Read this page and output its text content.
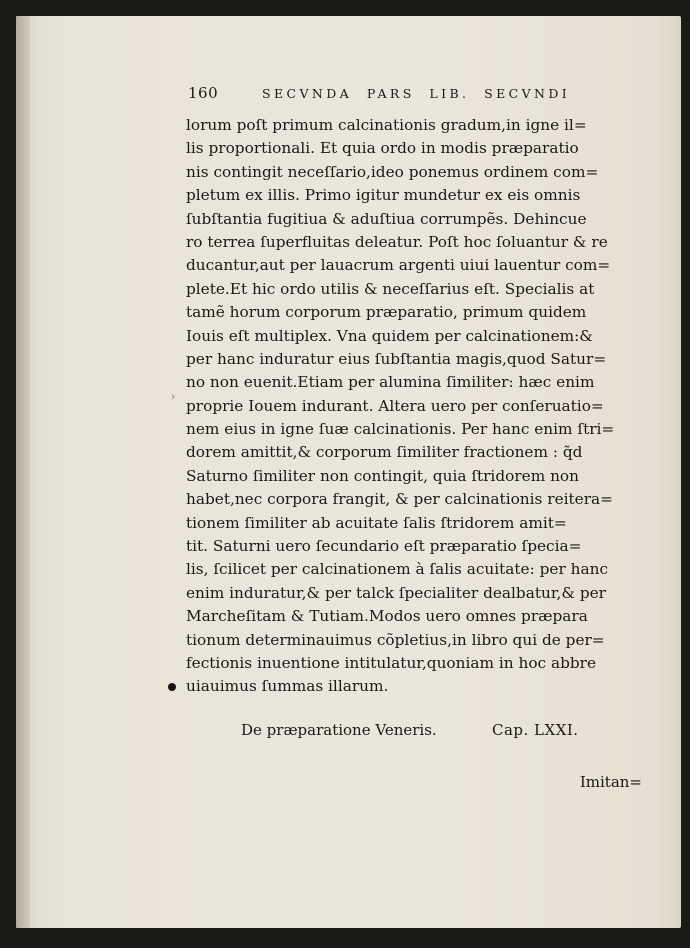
›
160	SECVNDA  PARS  LIB.  SECVNDI
lorum poſt primum calcinationis gradum,in igne il=
lis proportionali. Et quia ordo in modis præparatio
nis contingit neceſſario,ideo ponemus ordinem com=
pletum ex illis. Primo igitur mundetur ex eis omnis
ſubſtantia fugitiua & aduſtiua corrumpẽs. Dehincue
ro terrea ſuperfluitas deleatur. Poſt hoc ſoluantur & re
ducantur,aut per lauacrum argenti uiui lauentur com=
plete.Et hic ordo utilis & neceſſarius eſt. Specialis at
tamẽ horum corporum præparatio, primum quidem
Iouis eſt multiplex. Vna quidem per calcinationem:&
per hanc induratur eius ſubſtantia magis,quod Satur=
no non euenit.Etiam per alumina ſimiliter: hæc enim
proprie Iouem indurant. Altera uero per conſeruatio=
nem eius in igne ſuæ calcinationis. Per hanc enim ſtri=
dorem amittit,& corporum ſimiliter fractionem : q̃d
Saturno ſimiliter non contingit, quia ſtridorem non
habet,nec corpora frangit, & per calcinationis reitera=
tionem ſimiliter ab acuitate ſalis ſtridorem amit=
tit. Saturni uero ſecundario eſt præparatio ſpecia=
lis, ſcilicet per calcinationem à ſalis acuitate: per hanc
enim induratur,& per talck ſpecialiter dealbatur,& per
Marcheſitam & Tutiam.Modos uero omnes præpara
tionum determinauimus cõpletius,in libro qui de per=
fectionis inuentione intitulatur,quoniam in hoc abbre
uiauimus ſummas illarum.
De præparatione Veneris.	Cap. LXXI.
Imitan=
